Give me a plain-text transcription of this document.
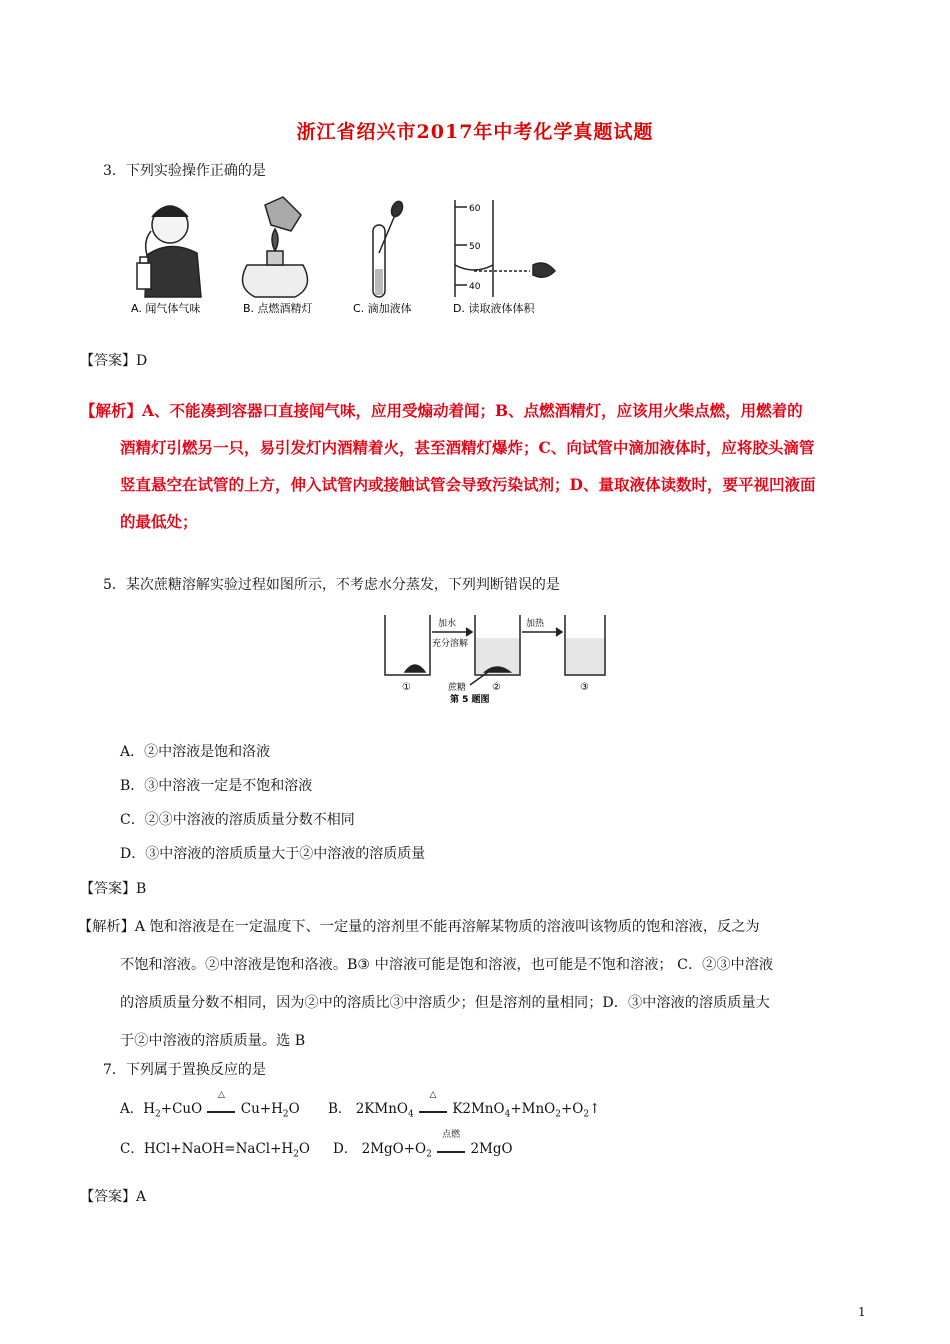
浙江省绍兴市2017年中考化学真题试题
3．下列实验操作正确的是
A. 闻气体气味	B. 点燃酒精灯	C. 滴加液体
60
50
40
D. 读取液体体积
【答案】D
【解析】A、不能凑到容器口直接闻气味，应用受煽动着闻；B、点燃酒精灯，应该用火柴点燃，用燃着的
酒精灯引燃另一只，易引发灯内酒精着火，甚至酒精灯爆炸；C、向试管中滴加液体时，应将胶头滴管
竖直悬空在试管的上方，伸入试管内或接触试管会导致污染试剂；D、量取液体读数时，要平视凹液面
的最低处；
5．某次蔗糖溶解实验过程如图所示，不考虑水分蒸发，下列判断错误的是
加水
充分溶解
加热
①	②	③
蔗糖
第 5 题图
A．②中溶液是饱和洛液
B．③中溶液一定是不饱和溶液
C．②③中溶液的溶质质量分数不相同
D．③中溶液的溶质质量大于②中溶液的溶质质量
【答案】B
【解析】A 饱和溶液是在一定温度下、一定量的溶剂里不能再溶解某物质的溶液叫该物质的饱和溶液，反之为
不饱和溶液。②中溶液是饱和洛液。B③ 中溶液可能是饱和溶液，也可能是不饱和溶液； C．②③中溶液
的溶质质量分数不相同，因为②中的溶质比③中溶质少；但是溶剂的量相同；D．③中溶液的溶质质量大
于②中溶液的溶质质量。选 B
7．下列属于置换反应的是
A．$H_2+CuO$
△
$Cu+H_2O$ B． 2KMnO$_4$
△
$K2MnO_4+MnO_2+O_2↑$
C．$HCl+NaOH=NaCl+H_2O$ D． $2MgO+O_2$
点燃
2MgO
【答案】A
1
